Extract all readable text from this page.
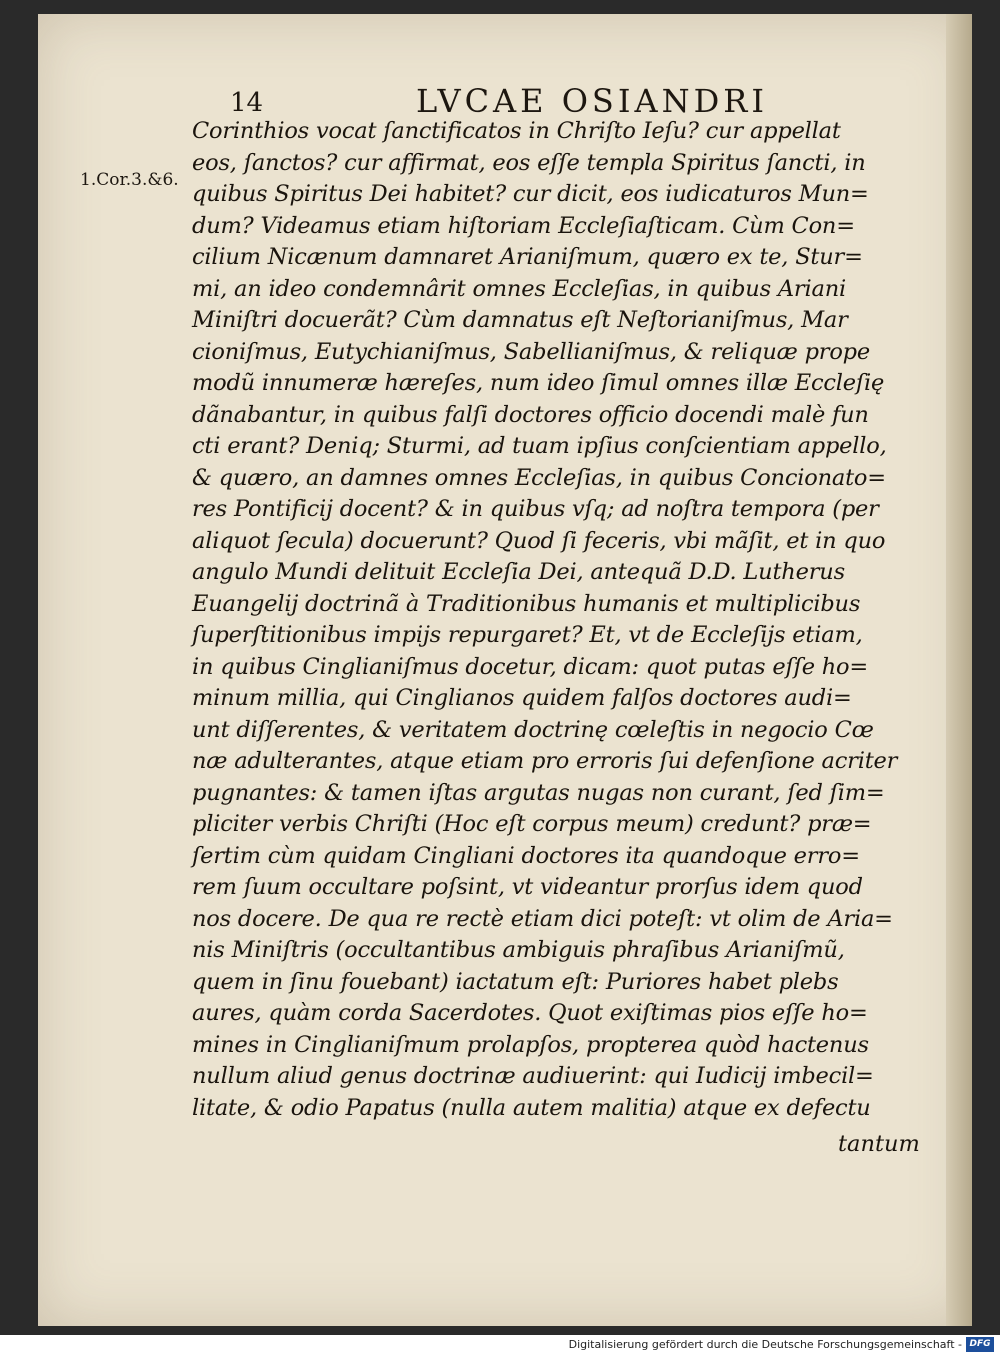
14	LVCAE OSIANDRI
1.Cor.3.&6.
Corinthios vocat ſanctificatos in Chriſto Ieſu? cur appellat
eos, ſanctos? cur affirmat, eos eſſe templa Spiritus ſancti, in
quibus Spiritus Dei habitet? cur dicit, eos iudicaturos Mun=
dum? Videamus etiam hiſtoriam Eccleſiaſticam. Cùm Con=
cilium Nicænum damnaret Arianiſmum, quæro ex te, Stur=
mi, an ideo condemnârit omnes Eccleſias, in quibus Ariani
Miniſtri docuerãt? Cùm damnatus eſt Neſtorianiſmus, Mar
cioniſmus, Eutychianiſmus, Sabellianiſmus, & reliquæ prope
modũ innumeræ hæreſes, num ideo ſimul omnes illæ Eccleſię
dãnabantur, in quibus falſi doctores officio docendi malè fun
cti erant? Deniq; Sturmi, ad tuam ipſius conſcientiam appello,
& quæro, an damnes omnes Eccleſias, in quibus Concionato=
res Pontificij docent? & in quibus vſq; ad noſtra tempora (per
aliquot ſecula) docuerunt? Quod ſi feceris, vbi mãſit, et in quo
angulo Mundi delituit Eccleſia Dei, antequã D.D. Lutherus
Euangelij doctrinã à Traditionibus humanis et multiplicibus
ſuperſtitionibus impijs repurgaret? Et, vt de Eccleſijs etiam,
in quibus Cinglianiſmus docetur, dicam: quot putas eſſe ho=
minum millia, qui Cinglianos quidem falſos doctores audi=
unt diſſerentes, & veritatem doctrinę cœleſtis in negocio Cœ
næ adulterantes, atque etiam pro erroris ſui defenſione acriter
pugnantes: & tamen iſtas argutas nugas non curant, ſed ſim=
pliciter verbis Chriſti (Hoc eſt corpus meum) credunt? præ=
ſertim cùm quidam Cingliani doctores ita quandoque erro=
rem ſuum occultare poſsint, vt videantur prorſus idem quod
nos docere. De qua re rectè etiam dici poteſt: vt olim de Aria=
nis Miniſtris (occultantibus ambiguis phraſibus Arianiſmũ,
quem in ſinu fouebant) iactatum eſt: Puriores habet plebs
aures, quàm corda Sacerdotes. Quot exiſtimas pios eſſe ho=
mines in Cinglianiſmum prolapſos, propterea quòd hactenus
nullum aliud genus doctrinæ audiuerint: qui Iudicij imbecil=
litate, & odio Papatus (nulla autem malitia) atque ex defectu
tantum
Digitalisierung gefördert durch die Deutsche Forschungsgemeinschaft - DFG
